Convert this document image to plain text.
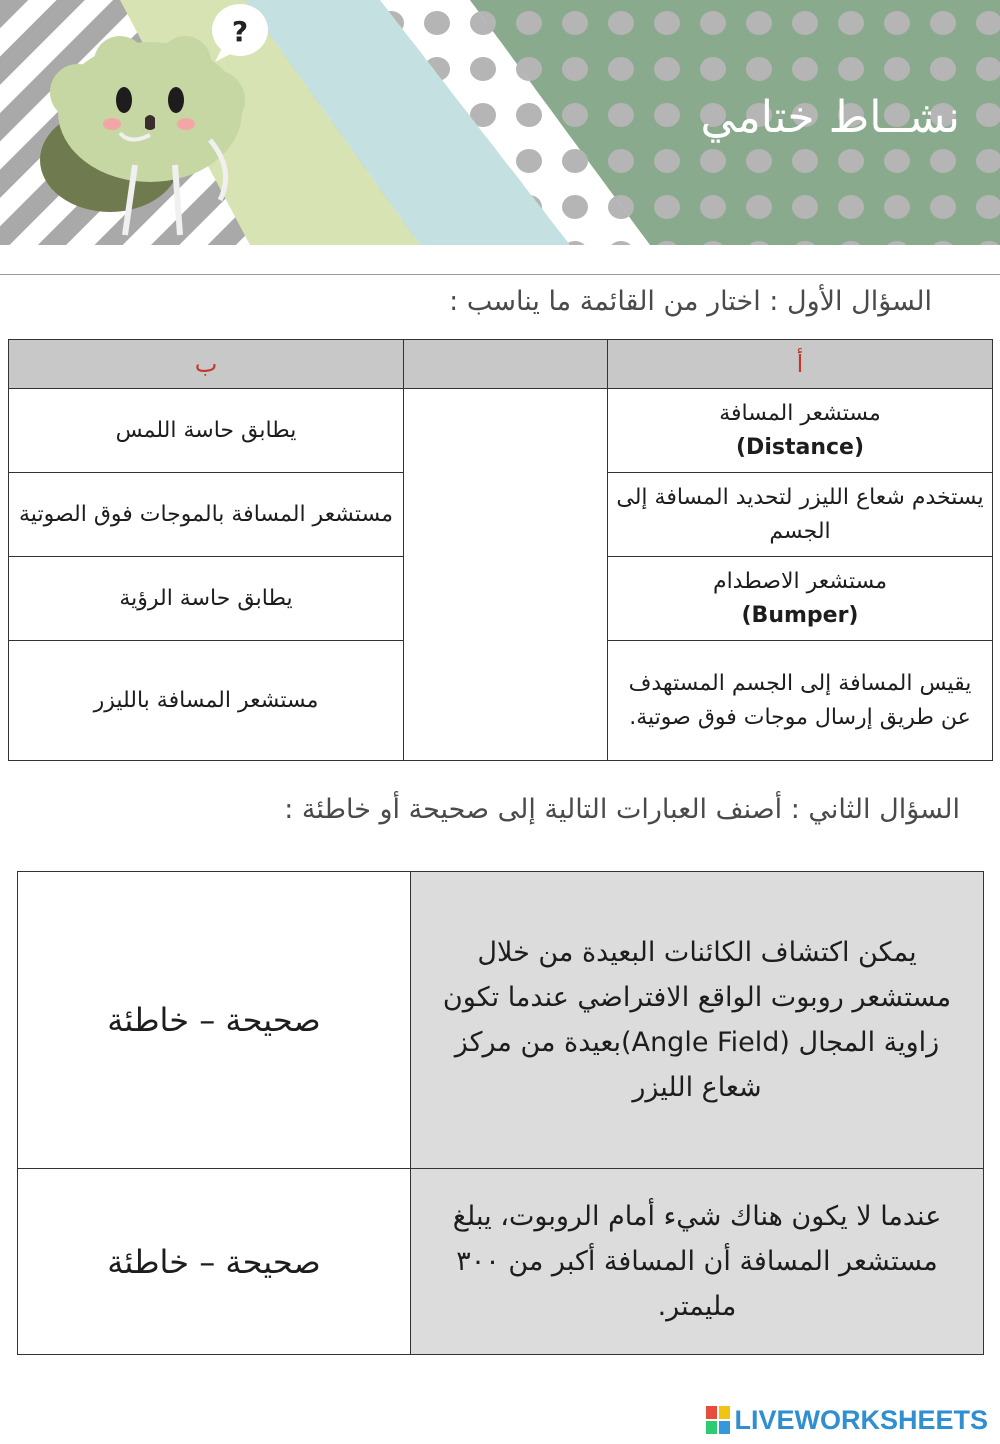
?
نشــاط ختامي
السؤال الأول : اختار من القائمة ما يناسب :
ب		أ
يطابق حاسة اللمس		مستشعر المسافة
(Distance)

مستشعر المسافة بالموجات فوق الصوتية		يستخدم شعاع الليزر لتحديد المسافة إلى الجسم
يطابق حاسة الرؤية		مستشعر الاصطدام
(Bumper)

مستشعر المسافة بالليزر		يقيس المسافة إلى الجسم المستهدف عن طريق إرسال موجات فوق صوتية.
السؤال الثاني : أصنف العبارات التالية إلى صحيحة أو خاطئة :
صحيحة – خاطئة	يمكن اكتشاف الكائنات البعيدة من خلال مستشعر روبوت الواقع الافتراضي عندما تكون زاوية المجال (Angle Field)بعيدة من مركز شعاع الليزر
صحيحة – خاطئة	عندما لا يكون هناك شيء أمام الروبوت، يبلغ مستشعر المسافة أن المسافة أكبر من ٣٠٠ مليمتر.
LIVEWORKSHEETS
